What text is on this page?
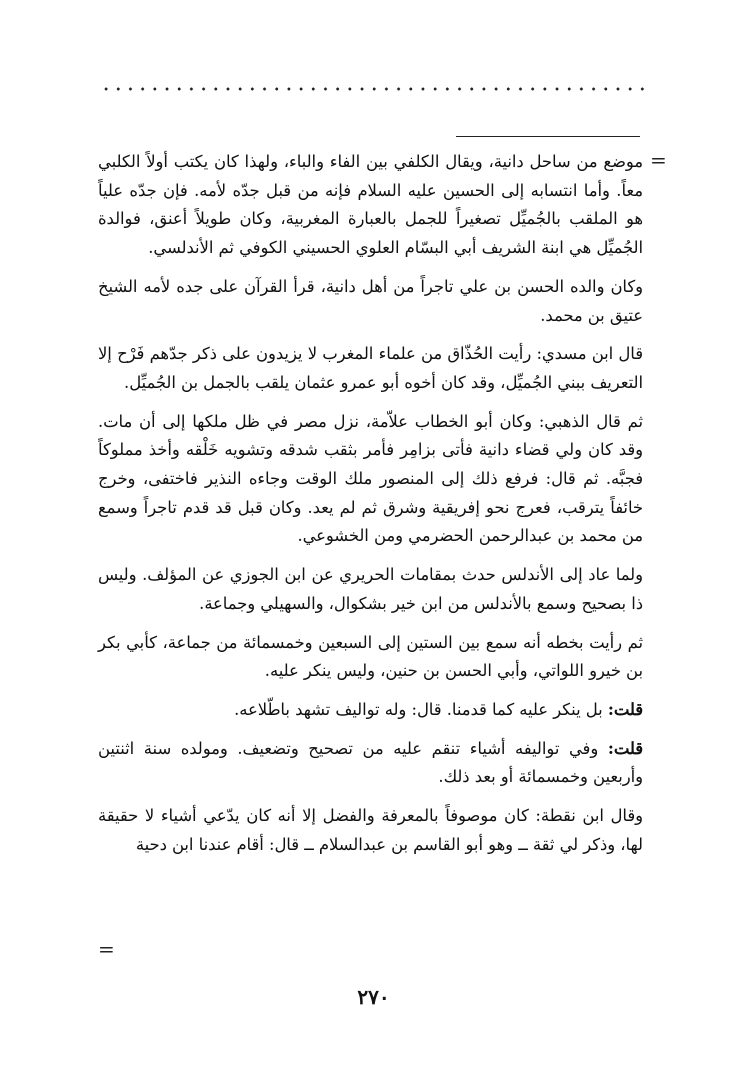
=

موضع من ساحل دانية، ويقال الكلفي بين الفاء والباء، ولهذا كان يكتب أولاً الكلبي معاً. وأما انتسابه إلى الحسين عليه السلام فإنه من قبل جدّه لأمه. فإن جدّه علياً هو الملقب بالجُميِّل تصغيراً للجمل بالعبارة المغربية، وكان طويلاً أعنق، فوالدة الجُميِّل هي ابنة الشريف أبي البسّام العلوي الحسيني الكوفي ثم الأندلسي.

وكان والده الحسن بن علي تاجراً من أهل دانية، قرأ القرآن على جده لأمه الشيخ عتيق بن محمد.

قال ابن مسدي: رأيت الحُذّاق من علماء المغرب لا يزيدون على ذكر جدّهم فَرْح إلا التعريف ببني الجُميِّل، وقد كان أخوه أبو عمرو عثمان يلقب بالجمل بن الجُميِّل.

ثم قال الذهبي: وكان أبو الخطاب علاّمة، نزل مصر في ظل ملكها إلى أن مات. وقد كان ولي قضاء دانية فأتى بزامِر فأمر بثقب شدقه وتشويه خَلْقه وأخذ مملوكاً فجبَّه. ثم قال: فرفع ذلك إلى المنصور ملك الوقت وجاءه النذير فاختفى، وخرج خائفاً يترقب، فعرج نحو إفريقية وشرق ثم لم يعد. وكان قبل قد قدم تاجراً وسمع من محمد بن عبدالرحمن الحضرمي ومن الخشوعي.

ولما عاد إلى الأندلس حدث بمقامات الحريري عن ابن الجوزي عن المؤلف. وليس ذا بصحيح وسمع بالأندلس من ابن خير بشكوال، والسهيلي وجماعة.

ثم رأيت بخطه أنه سمع بين الستين إلى السبعين وخمسمائة من جماعة، كأبي بكر بن خيرو اللواتي، وأبي الحسن بن حنين، وليس ينكر عليه.

قلت: بل ينكر عليه كما قدمنا. قال: وله تواليف تشهد باطّلاعه.

قلت: وفي تواليفه أشياء تنقم عليه من تصحيح وتضعيف. ومولده سنة اثنتين وأربعين وخمسمائة أو بعد ذلك.

وقال ابن نقطة: كان موصوفاً بالمعرفة والفضل إلا أنه كان يدّعي أشياء لا حقيقة لها، وذكر لي ثقة ــ وهو أبو القاسم بن عبدالسلام ــ قال: أقام عندنا ابن دحية

=
٢٧٠
